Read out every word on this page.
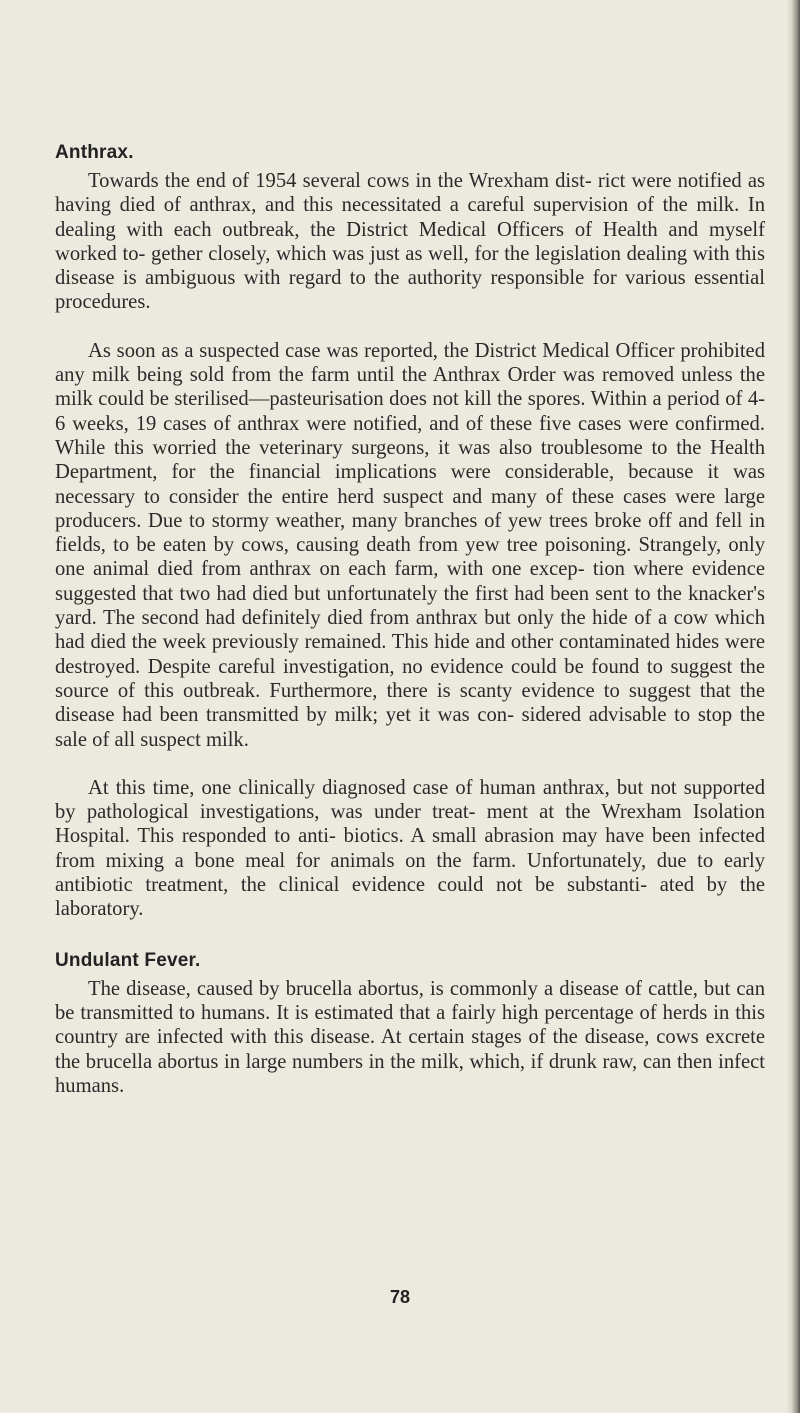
Anthrax.

Towards the end of 1954 several cows in the Wrexham dist- rict were notified as having died of anthrax, and this necessitated a careful supervision of the milk. In dealing with each outbreak, the District Medical Officers of Health and myself worked to- gether closely, which was just as well, for the legislation dealing with this disease is ambiguous with regard to the authority responsible for various essential procedures.

As soon as a suspected case was reported, the District Medical Officer prohibited any milk being sold from the farm until the Anthrax Order was removed unless the milk could be sterilised—pasteurisation does not kill the spores. Within a period of 4-6 weeks, 19 cases of anthrax were notified, and of these five cases were confirmed. While this worried the veterinary surgeons, it was also troublesome to the Health Department, for the financial implications were considerable, because it was necessary to consider the entire herd suspect and many of these cases were large producers. Due to stormy weather, many branches of yew trees broke off and fell in fields, to be eaten by cows, causing death from yew tree poisoning. Strangely, only one animal died from anthrax on each farm, with one excep- tion where evidence suggested that two had died but unfortunately the first had been sent to the knacker's yard. The second had definitely died from anthrax but only the hide of a cow which had died the week previously remained. This hide and other contaminated hides were destroyed. Despite careful investigation, no evidence could be found to suggest the source of this outbreak. Furthermore, there is scanty evidence to suggest that the disease had been transmitted by milk; yet it was con- sidered advisable to stop the sale of all suspect milk.

At this time, one clinically diagnosed case of human anthrax, but not supported by pathological investigations, was under treat- ment at the Wrexham Isolation Hospital. This responded to anti- biotics. A small abrasion may have been infected from mixing a bone meal for animals on the farm. Unfortunately, due to early antibiotic treatment, the clinical evidence could not be substanti- ated by the laboratory.

Undulant Fever.

The disease, caused by brucella abortus, is commonly a disease of cattle, but can be transmitted to humans. It is estimated that a fairly high percentage of herds in this country are infected with this disease. At certain stages of the disease, cows excrete the brucella abortus in large numbers in the milk, which, if drunk raw, can then infect humans.

78
